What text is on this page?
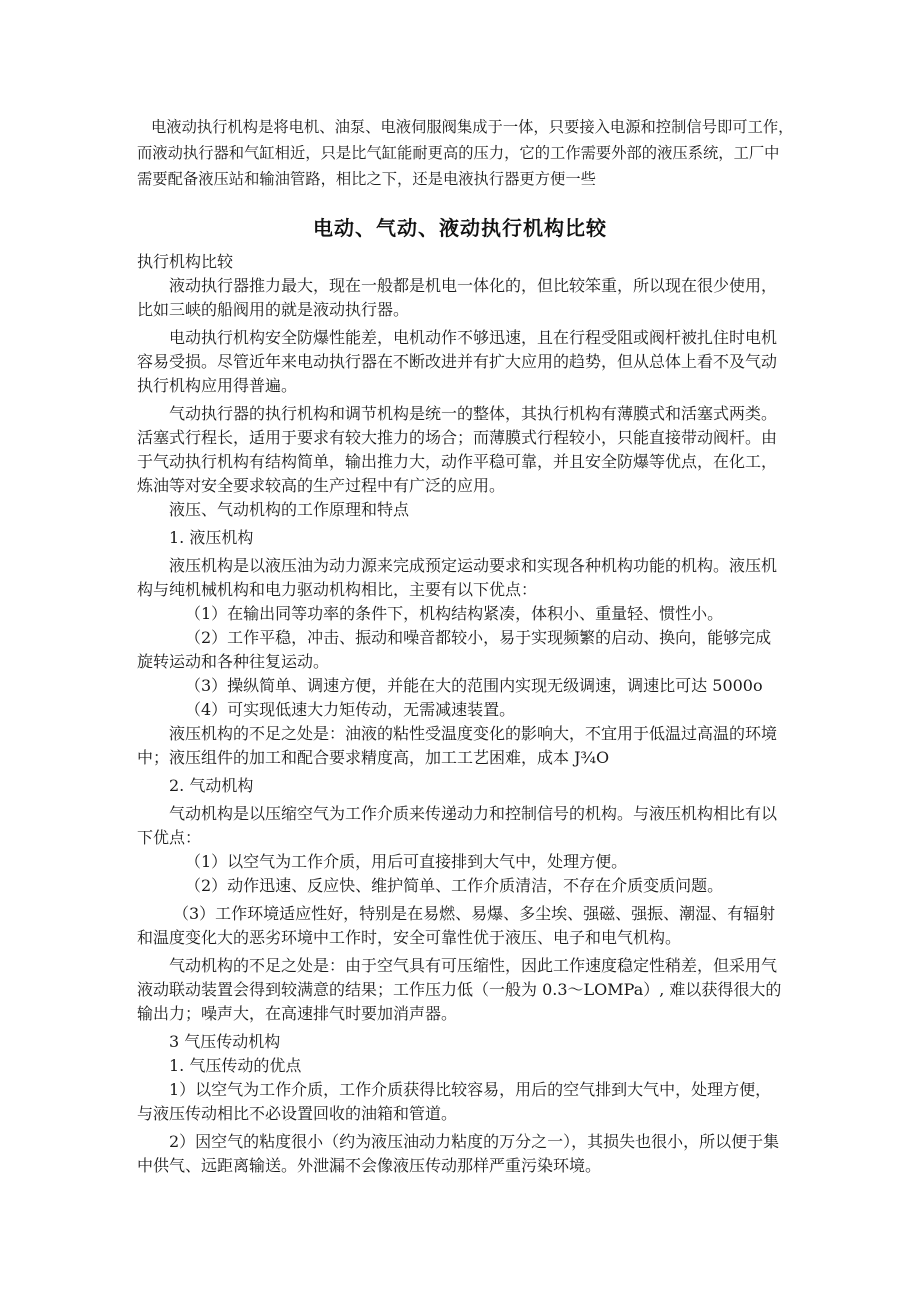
电液动执行机构是将电机、油泵、电液伺服阀集成于一体，只要接入电源和控制信号即可工作，

而液动执行器和气缸相近，只是比气缸能耐更高的压力，它的工作需要外部的液压系统，工厂中

需要配备液压站和输油管路，相比之下，还是电液执行器更方便一些

电动、气动、液动执行机构比较

执行机构比较

液动执行器推力最大，现在一般都是机电一体化的，但比较笨重，所以现在很少使用，比如三峡的船阀用的就是液动执行器。

电动执行机构安全防爆性能差，电机动作不够迅速，且在行程受阻或阀杆被扎住时电机容易受损。尽管近年来电动执行器在不断改进并有扩大应用的趋势，但从总体上看不及气动执行机构应用得普遍。

气动执行器的执行机构和调节机构是统一的整体，其执行机构有薄膜式和活塞式两类。活塞式行程长，适用于要求有较大推力的场合；而薄膜式行程较小，只能直接带动阀杆。由于气动执行机构有结构简单，输出推力大，动作平稳可靠，并且安全防爆等优点，在化工，炼油等对安全要求较高的生产过程中有广泛的应用。

液压、气动机构的工作原理和特点

1. 液压机构

液压机构是以液压油为动力源来完成预定运动要求和实现各种机构功能的机构。液压机构与纯机械机构和电力驱动机构相比，主要有以下优点：

（1）在输出同等功率的条件下，机构结构紧凑，体积小、重量轻、惯性小。

（2）工作平稳，冲击、振动和噪音都较小，易于实现频繁的启动、换向，能够完成旋转运动和各种往复运动。

（3）操纵简单、调速方便，并能在大的范围内实现无级调速，调速比可达 5000o

（4）可实现低速大力矩传动，无需减速装置。

液压机构的不足之处是：油液的粘性受温度变化的影响大，不宜用于低温过高温的环境中；液压组件的加工和配合要求精度高，加工工艺困难，成本 J¾O

2. 气动机构

气动机构是以压缩空气为工作介质来传递动力和控制信号的机构。与液压机构相比有以下优点：

（1）以空气为工作介质，用后可直接排到大气中，处理方便。

（2）动作迅速、反应快、维护简单、工作介质清洁，不存在介质变质问题。

（3）工作环境适应性好，特别是在易燃、易爆、多尘埃、强磁、强振、潮湿、有辐射和温度变化大的恶劣环境中工作时，安全可靠性优于液压、电子和电气机构。

气动机构的不足之处是：由于空气具有可压缩性，因此工作速度稳定性稍差，但采用气液动联动装置会得到较满意的结果；工作压力低（一般为 0.3～LOMPa）, 难以获得很大的输出力；噪声大，在高速排气时要加消声器。

3 气压传动机构

1. 气压传动的优点

1）以空气为工作介质，工作介质获得比较容易，用后的空气排到大气中，处理方便，与液压传动相比不必设置回收的油箱和管道。

2）因空气的粘度很小（约为液压油动力粘度的万分之一），其损失也很小，所以便于集中供气、远距离输送。外泄漏不会像液压传动那样严重污染环境。
